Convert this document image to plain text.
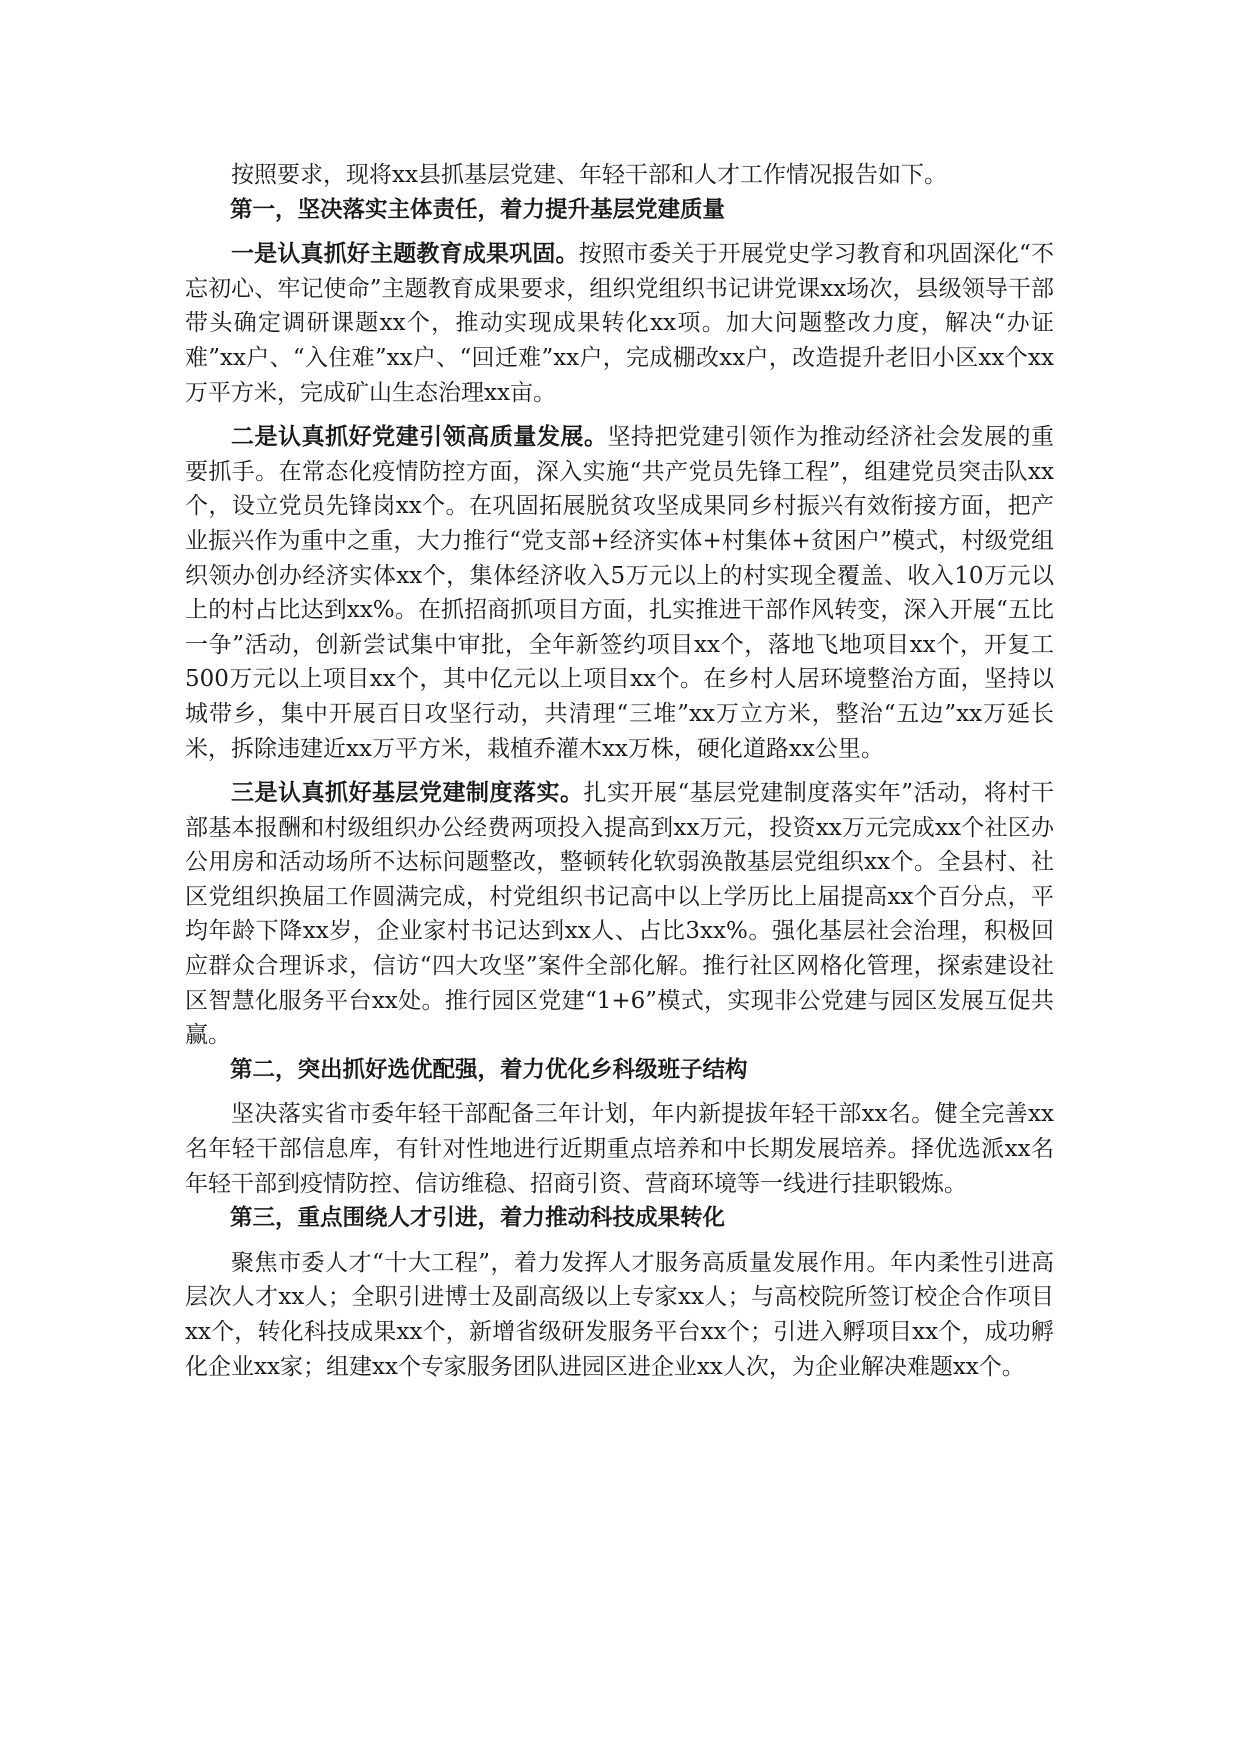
按照要求，现将xx县抓基层党建、年轻干部和人才工作情况报告如下。

第一，坚决落实主体责任，着力提升基层党建质量

一是认真抓好主题教育成果巩固。按照市委关于开展党史学习教育和巩固深化“不忘初心、牢记使命”主题教育成果要求，组织党组织书记讲党课xx场次，县级领导干部带头确定调研课题xx个，推动实现成果转化xx项。加大问题整改力度，解决“办证难”xx户、“入住难”xx户、“回迁难”xx户，完成棚改xx户，改造提升老旧小区xx个xx万平方米，完成矿山生态治理xx亩。

二是认真抓好党建引领高质量发展。坚持把党建引领作为推动经济社会发展的重要抓手。在常态化疫情防控方面，深入实施“共产党员先锋工程”，组建党员突击队xx个，设立党员先锋岗xx个。在巩固拓展脱贫攻坚成果同乡村振兴有效衔接方面，把产业振兴作为重中之重，大力推行“党支部+经济实体+村集体+贫困户”模式，村级党组织领办创办经济实体xx个，集体经济收入5万元以上的村实现全覆盖、收入10万元以上的村占比达到xx%。在抓招商抓项目方面，扎实推进干部作风转变，深入开展“五比一争”活动，创新尝试集中审批，全年新签约项目xx个，落地飞地项目xx个，开复工500万元以上项目xx个，其中亿元以上项目xx个。在乡村人居环境整治方面，坚持以城带乡，集中开展百日攻坚行动，共清理“三堆”xx万立方米，整治“五边”xx万延长米，拆除违建近xx万平方米，栽植乔灌木xx万株，硬化道路xx公里。

三是认真抓好基层党建制度落实。扎实开展“基层党建制度落实年”活动，将村干部基本报酬和村级组织办公经费两项投入提高到xx万元，投资xx万元完成xx个社区办公用房和活动场所不达标问题整改，整顿转化软弱涣散基层党组织xx个。全县村、社区党组织换届工作圆满完成，村党组织书记高中以上学历比上届提高xx个百分点，平均年龄下降xx岁，企业家村书记达到xx人、占比3xx%。强化基层社会治理，积极回应群众合理诉求，信访“四大攻坚”案件全部化解。推行社区网格化管理，探索建设社区智慧化服务平台xx处。推行园区党建“1+6”模式，实现非公党建与园区发展互促共赢。

第二，突出抓好选优配强，着力优化乡科级班子结构

坚决落实省市委年轻干部配备三年计划，年内新提拔年轻干部xx名。健全完善xx名年轻干部信息库，有针对性地进行近期重点培养和中长期发展培养。择优选派xx名年轻干部到疫情防控、信访维稳、招商引资、营商环境等一线进行挂职锻炼。

第三，重点围绕人才引进，着力推动科技成果转化

聚焦市委人才“十大工程”，着力发挥人才服务高质量发展作用。年内柔性引进高层次人才xx人；全职引进博士及副高级以上专家xx人；与高校院所签订校企合作项目xx个，转化科技成果xx个，新增省级研发服务平台xx个；引进入孵项目xx个，成功孵化企业xx家；组建xx个专家服务团队进园区进企业xx人次，为企业解决难题xx个。
